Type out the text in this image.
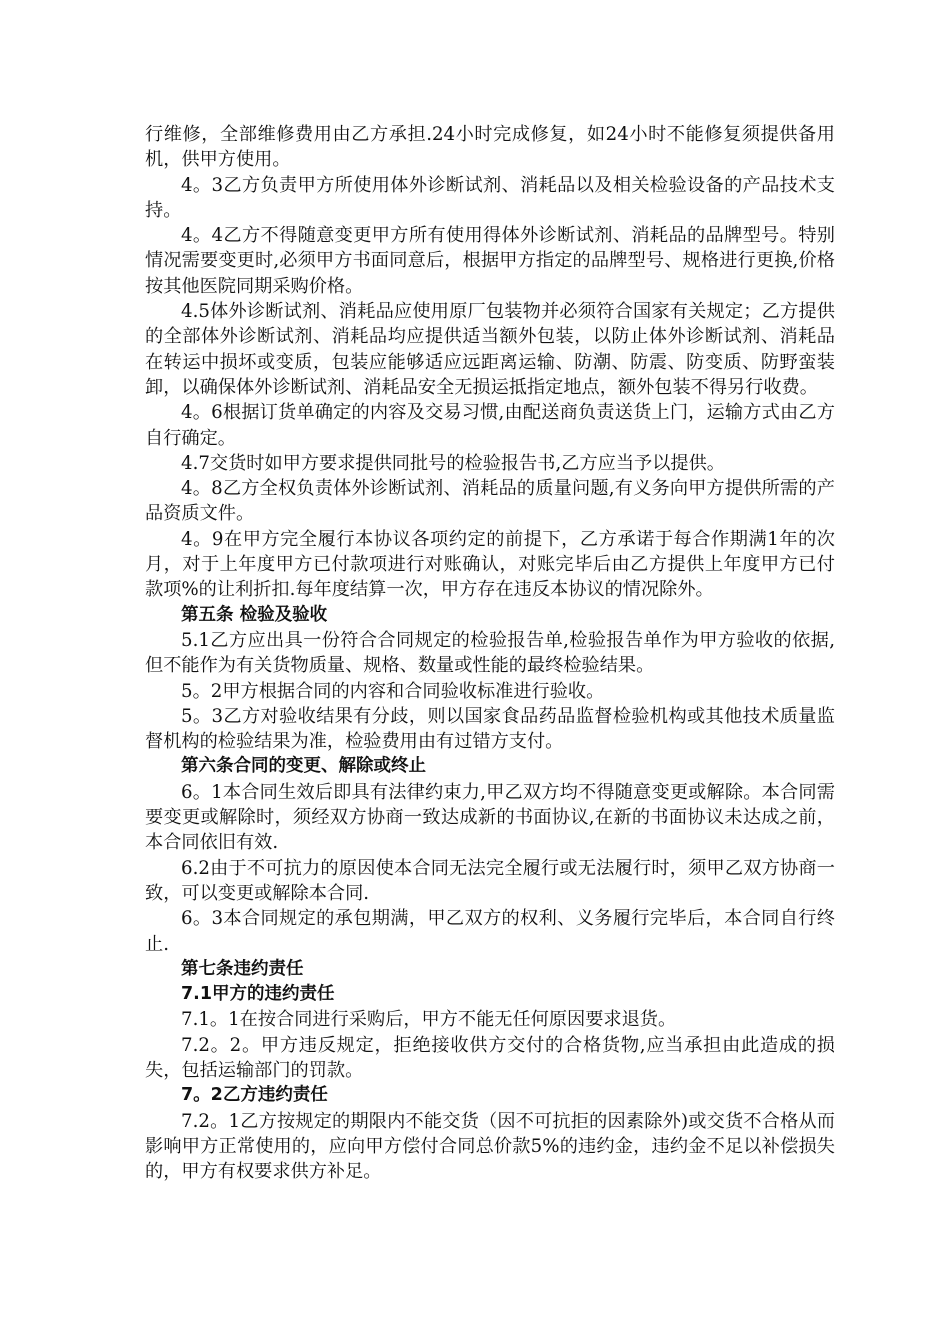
行维修，全部维修费用由乙方承担.24小时完成修复，如24小时不能修复须提供备用机，供甲方使用。

4。3乙方负责甲方所使用体外诊断试剂、消耗品以及相关检验设备的产品技术支持。

4。4乙方不得随意变更甲方所有使用得体外诊断试剂、消耗品的品牌型号。特别情况需要变更时,必须甲方书面同意后，根据甲方指定的品牌型号、规格进行更换,价格按其他医院同期采购价格。

4.5体外诊断试剂、消耗品应使用原厂包装物并必须符合国家有关规定；乙方提供的全部体外诊断试剂、消耗品均应提供适当额外包装，以防止体外诊断试剂、消耗品在转运中损坏或变质，包装应能够适应远距离运输、防潮、防震、防变质、防野蛮装卸，以确保体外诊断试剂、消耗品安全无损运抵指定地点，额外包装不得另行收费。

4。6根据订货单确定的内容及交易习惯,由配送商负责送货上门，运输方式由乙方自行确定。

4.7交货时如甲方要求提供同批号的检验报告书,乙方应当予以提供。

4。8乙方全权负责体外诊断试剂、消耗品的质量问题,有义务向甲方提供所需的产品资质文件。

4。9在甲方完全履行本协议各项约定的前提下，乙方承诺于每合作期满1年的次月，对于上年度甲方已付款项进行对账确认，对账完毕后由乙方提供上年度甲方已付款项%的让利折扣.每年度结算一次，甲方存在违反本协议的情况除外。

第五条 检验及验收

5.1乙方应出具一份符合合同规定的检验报告单,检验报告单作为甲方验收的依据,但不能作为有关货物质量、规格、数量或性能的最终检验结果。

5。2甲方根据合同的内容和合同验收标准进行验收。

5。3乙方对验收结果有分歧，则以国家食品药品监督检验机构或其他技术质量监督机构的检验结果为准，检验费用由有过错方支付。

第六条合同的变更、解除或终止

6。1本合同生效后即具有法律约束力,甲乙双方均不得随意变更或解除。本合同需要变更或解除时，须经双方协商一致达成新的书面协议,在新的书面协议未达成之前，本合同依旧有效.

6.2由于不可抗力的原因使本合同无法完全履行或无法履行时，须甲乙双方协商一致，可以变更或解除本合同.

6。3本合同规定的承包期满，甲乙双方的权利、义务履行完毕后，本合同自行终止.

第七条违约责任

7.1甲方的违约责任

7.1。1在按合同进行采购后，甲方不能无任何原因要求退货。

7.2。2。甲方违反规定，拒绝接收供方交付的合格货物,应当承担由此造成的损失，包括运输部门的罚款。

7。2乙方违约责任

7.2。1乙方按规定的期限内不能交货（因不可抗拒的因素除外)或交货不合格从而影响甲方正常使用的，应向甲方偿付合同总价款5%的违约金，违约金不足以补偿损失的，甲方有权要求供方补足。
